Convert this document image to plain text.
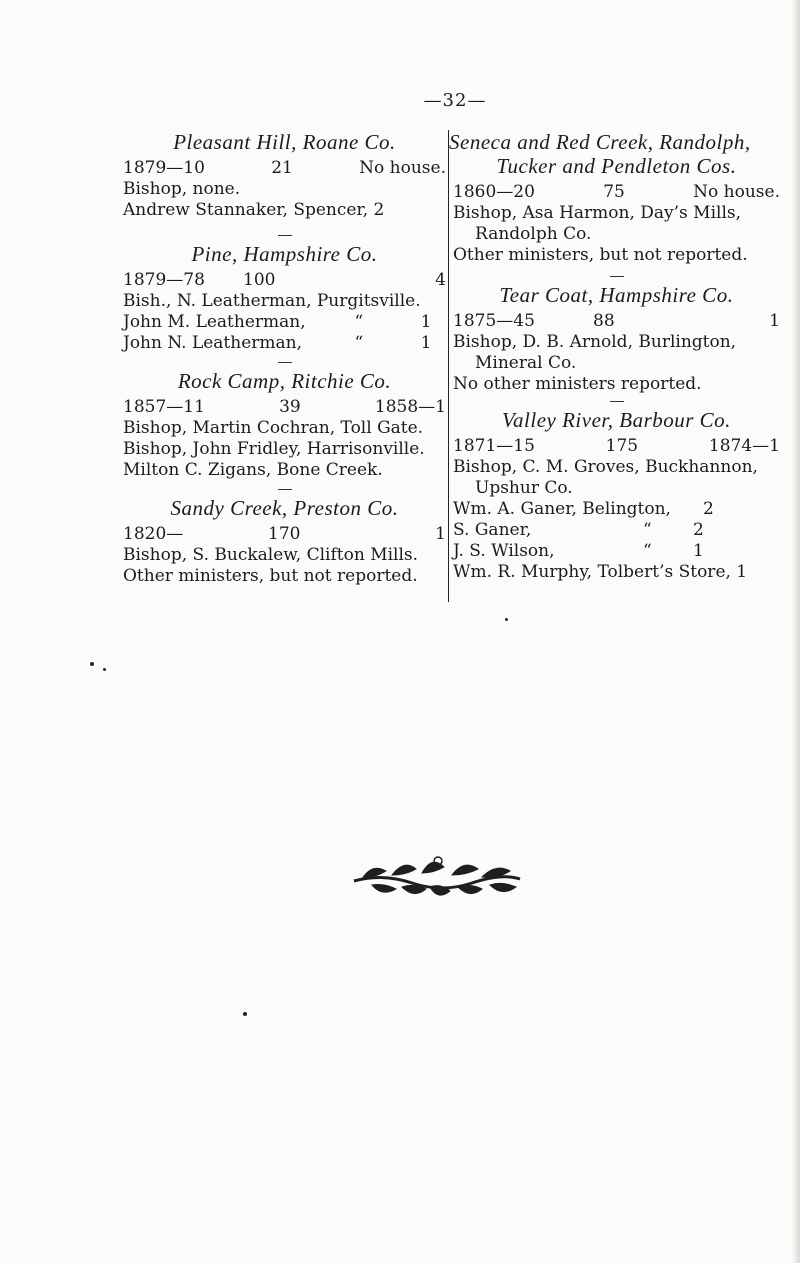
—32—
Pleasant Hill, Roane Co.
1879—10	21	No house.
Bishop, none.
Andrew Stannaker, Spencer, 2
Pine, Hampshire Co.
1879—78	100	4
Bish., N. Leatherman, Purgitsville.
John M. Leatherman,	“	1
John N. Leatherman,	“	1
Rock Camp, Ritchie Co.
1857—11	39	1858—1
Bishop, Martin Cochran, Toll Gate.
Bishop, John Fridley, Harrisonville.
Milton C. Zigans, Bone Creek.
Sandy Creek, Preston Co.
1820—	170	1
Bishop, S. Buckalew, Clifton Mills.
Other ministers, but not reported.
Seneca and Red Creek, Randolph,
Tucker and Pendleton Cos.
1860—20	75	No house.
Bishop, Asa Harmon, Day’s Mills,
Randolph Co.
Other ministers, but not reported.
Tear Coat, Hampshire Co.
1875—45	88	1
Bishop, D. B. Arnold, Burlington,
Mineral Co.
No other ministers reported.
Valley River, Barbour Co.
1871—15	175	1874—1
Bishop, C. M. Groves, Buckhannon,
Upshur Co.
Wm. A. Ganer, Belington,	2
S. Ganer,	“	2
J. S. Wilson,	“	1
Wm. R. Murphy, Tolbert’s Store, 1
